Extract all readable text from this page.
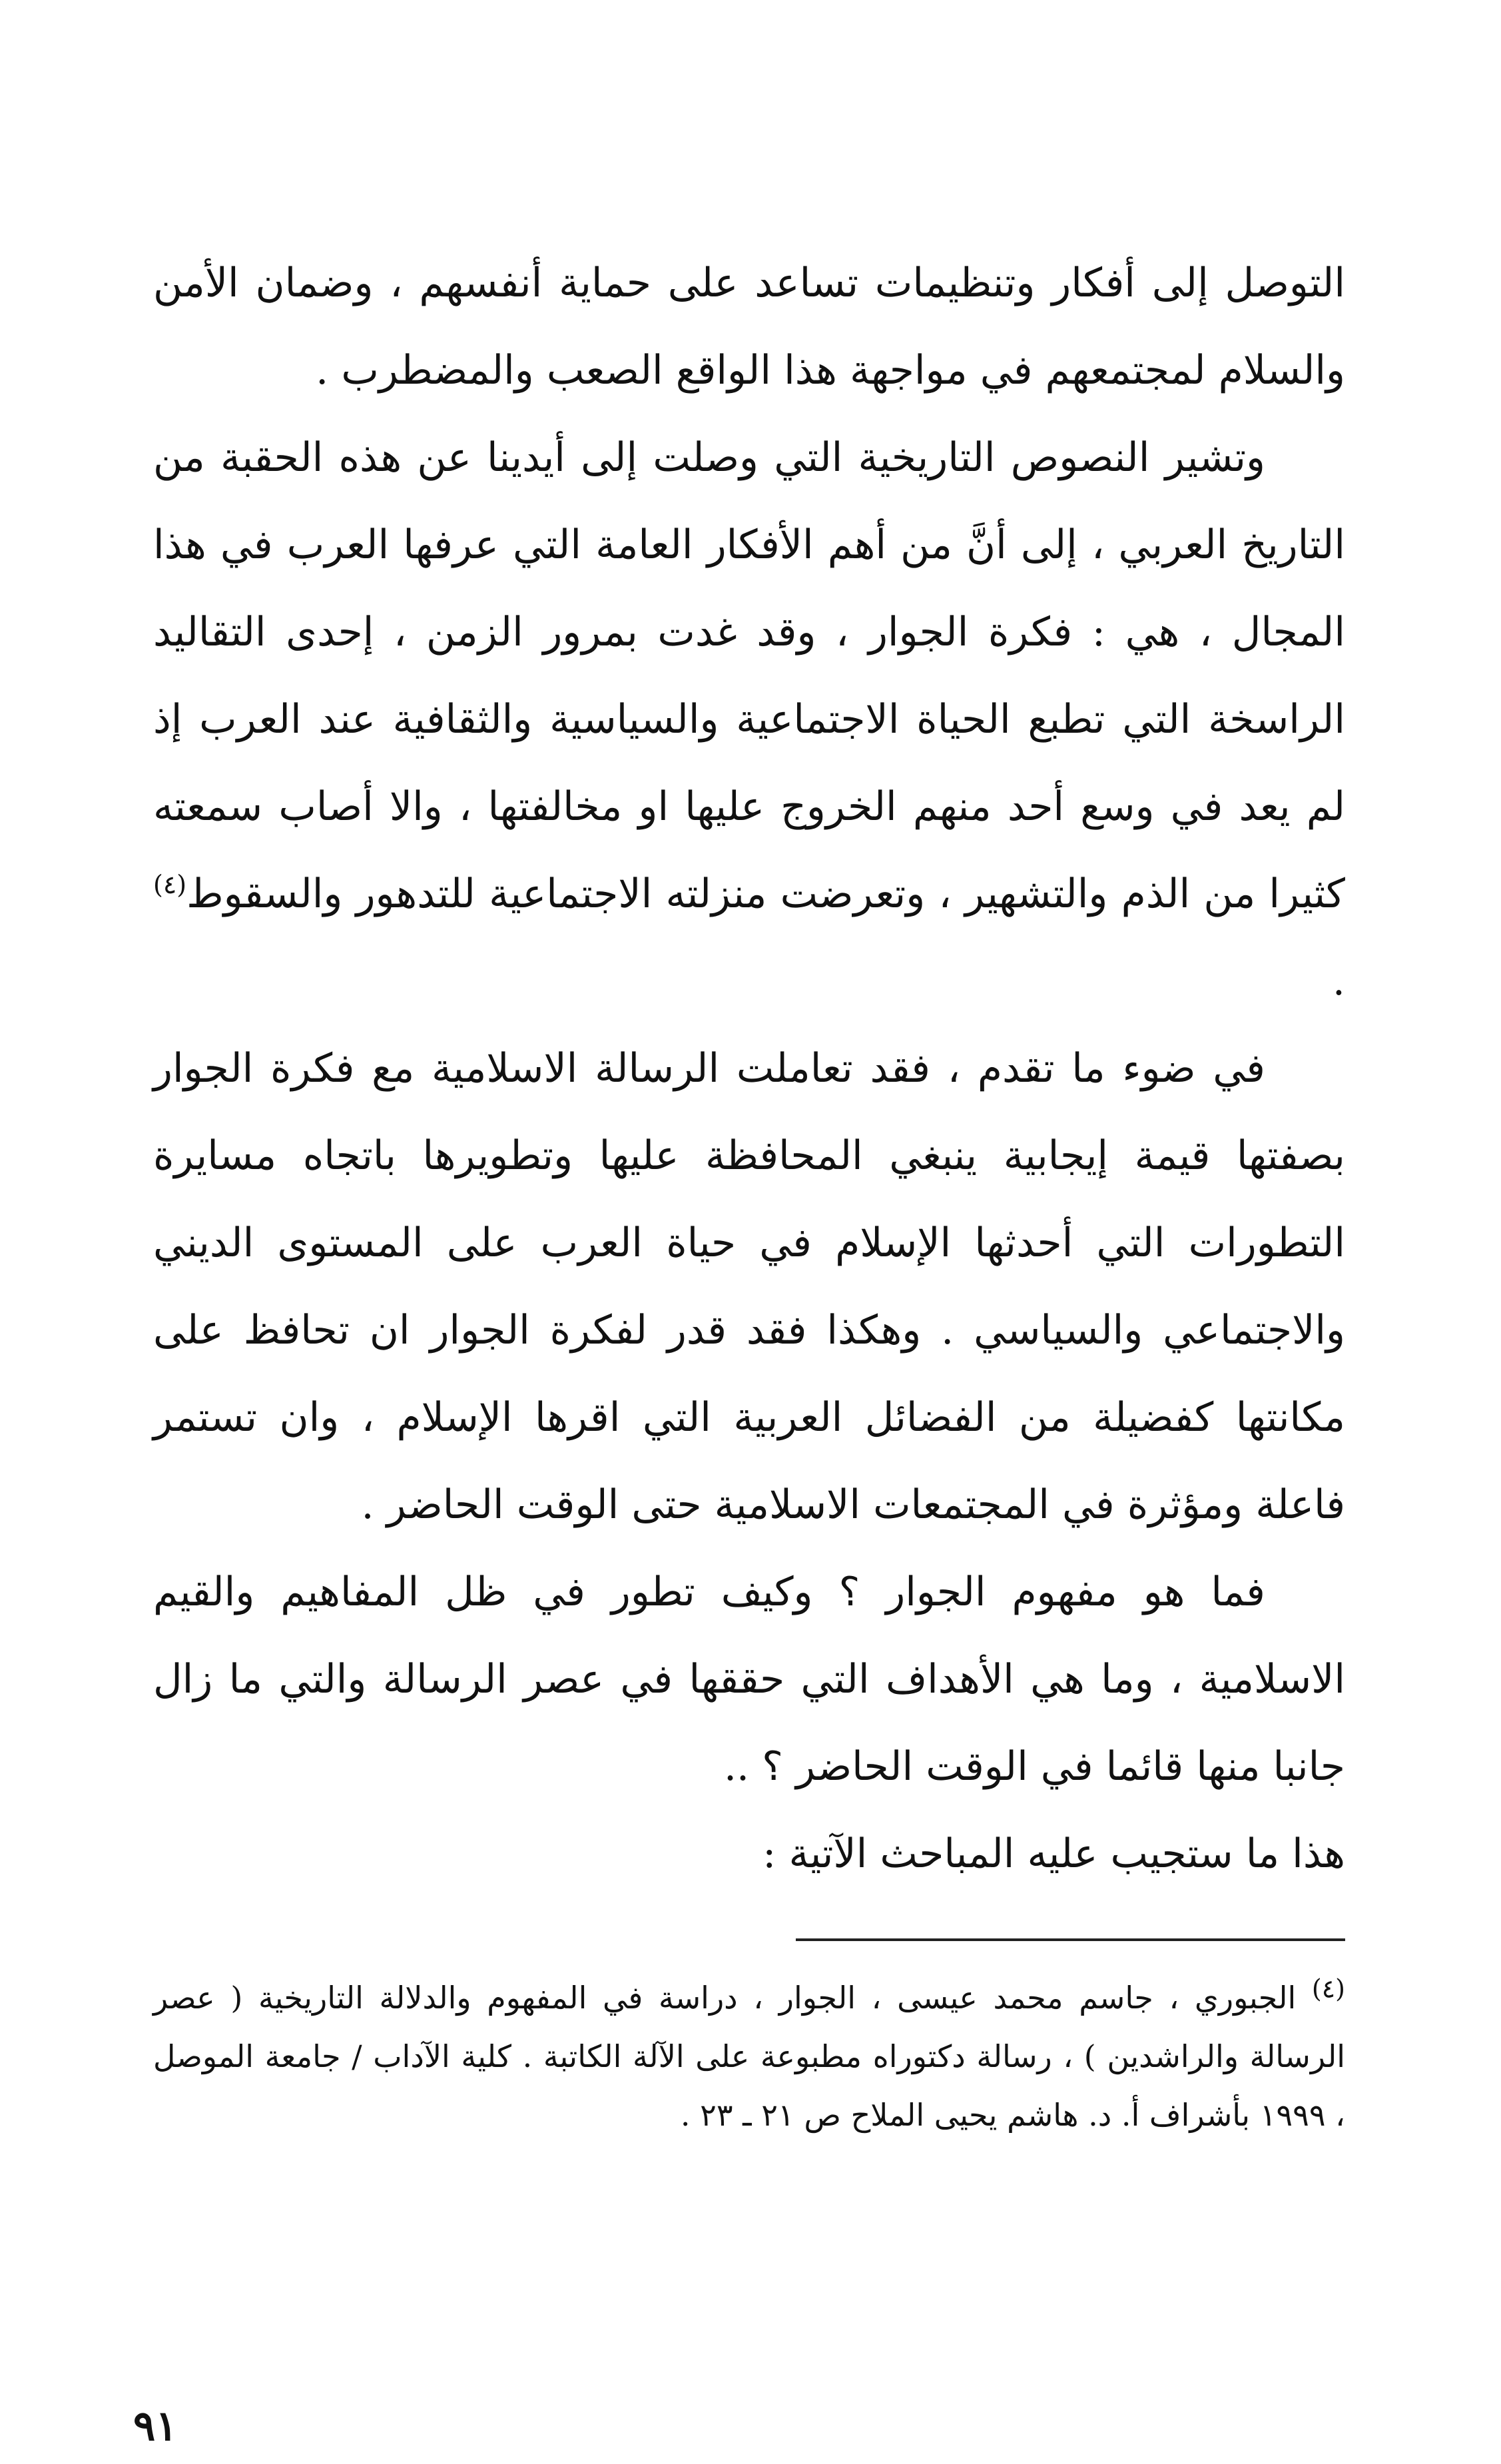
التوصل إلى أفكار وتنظيمات تساعد على حماية أنفسهم ، وضمان الأمن والسلام لمجتمعهم في مواجهة هذا الواقع الصعب والمضطرب .

وتشير النصوص التاريخية التي وصلت إلى أيدينا عن هذه الحقبة من التاريخ العربي ، إلى أنَّ من أهم الأفكار العامة التي عرفها العرب في هذا المجال ، هي : فكرة الجوار ، وقد غدت بمرور الزمن ، إحدى التقاليد الراسخة التي تطبع الحياة الاجتماعية والسياسية والثقافية عند العرب إذ لم يعد في وسع أحد منهم الخروج عليها او مخالفتها ، والا أصاب سمعته كثيرا من الذم والتشهير ، وتعرضت منزلته الاجتماعية للتدهور والسقوط$^{(٤)}$ .

في ضوء ما تقدم ، فقد تعاملت الرسالة الاسلامية مع فكرة الجوار بصفتها قيمة إيجابية ينبغي المحافظة عليها وتطويرها باتجاه مسايرة التطورات التي أحدثها الإسلام في حياة العرب على المستوى الديني والاجتماعي والسياسي . وهكذا فقد قدر لفكرة الجوار ان تحافظ على مكانتها كفضيلة من الفضائل العربية التي اقرها الإسلام ، وان تستمر فاعلة ومؤثرة في المجتمعات الاسلامية حتى الوقت الحاضر .

فما هو مفهوم الجوار ؟ وكيف تطور في ظل المفاهيم والقيم الاسلامية ، وما هي الأهداف التي حققها في عصر الرسالة والتي ما زال جانبا منها قائما في الوقت الحاضر ؟ ..

هذا ما ستجيب عليه المباحث الآتية :

$^{(٤)}$ الجبوري ، جاسم محمد عيسى ، الجوار ، دراسة في المفهوم والدلالة التاريخية ( عصر الرسالة والراشدين ) ، رسالة دكتوراه مطبوعة على الآلة الكاتبة . كلية الآداب / جامعة الموصل ، ١٩٩٩ بأشراف أ. د. هاشم يحيى الملاح ص ٢١ ـ ٢٣ .

٩١
